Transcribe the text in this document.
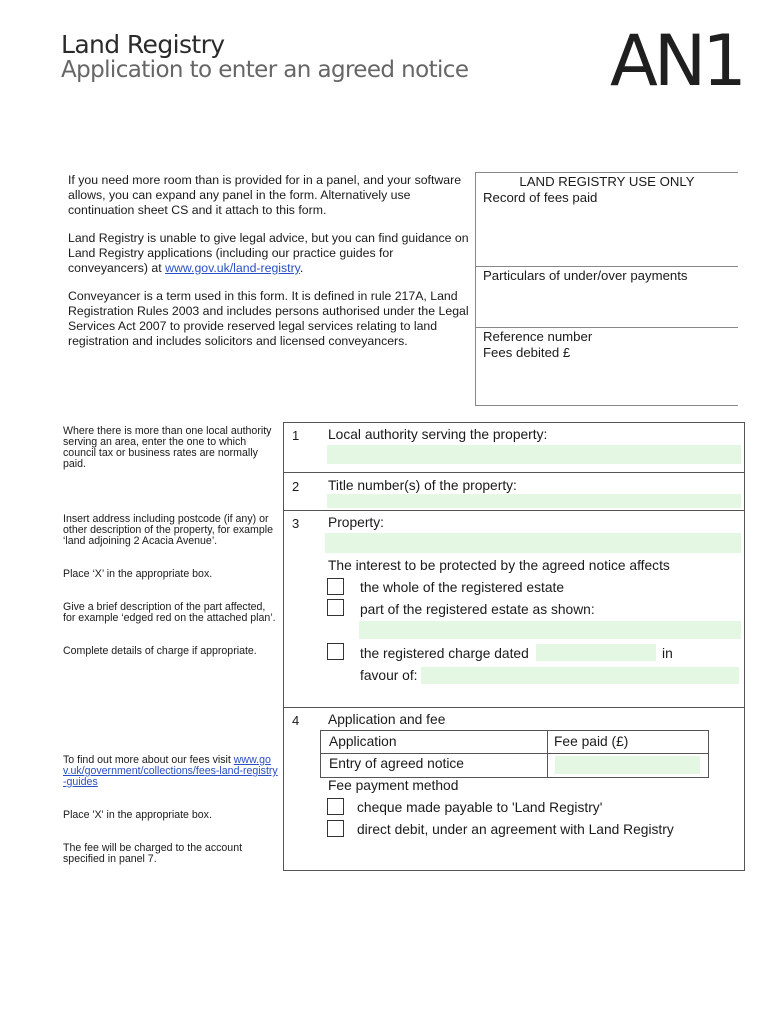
Land Registry
Application to enter an agreed notice AN1

If you need more room than is provided for in a panel, and your software allows, you can expand any panel in the form. Alternatively use continuation sheet CS and it attach to this form.

Land Registry is unable to give legal advice, but you can find guidance on Land Registry applications (including our practice guides for conveyancers) at www.gov.uk/land-registry.

Conveyancer is a term used in this form. It is defined in rule 217A, Land Registration Rules 2003 and includes persons authorised under the Legal Services Act 2007 to provide reserved legal services relating to land registration and includes solicitors and licensed conveyancers.

LAND REGISTRY USE ONLY
Record of fees paid
Particulars of under/over payments
Reference number
Fees debited £
Where there is more than one local authority serving an area, enter the one to which council tax or business rates are normally paid.
Insert address including postcode (if any) or other description of the property, for example ‘land adjoining 2 Acacia Avenue’.
Place ‘X’ in the appropriate box.
Give a brief description of the part affected, for example ‘edged red on the attached plan’.
Complete details of charge if appropriate.
To find out more about our fees visit www.gov.uk/government/collections/fees-land-registry-guides
Place 'X' in the appropriate box.
The fee will be charged to the account specified in panel 7.
1 Local authority serving the property:
2 Title number(s) of the property:
3 Property:
The interest to be protected by the agreed notice affects
the whole of the registered estate
part of the registered estate as shown:
the registered charge dated	in
favour of:
4 Application and fee
Application	Fee paid (£)
Entry of agreed notice
Fee payment method
cheque made payable to 'Land Registry'
direct debit, under an agreement with Land Registry
